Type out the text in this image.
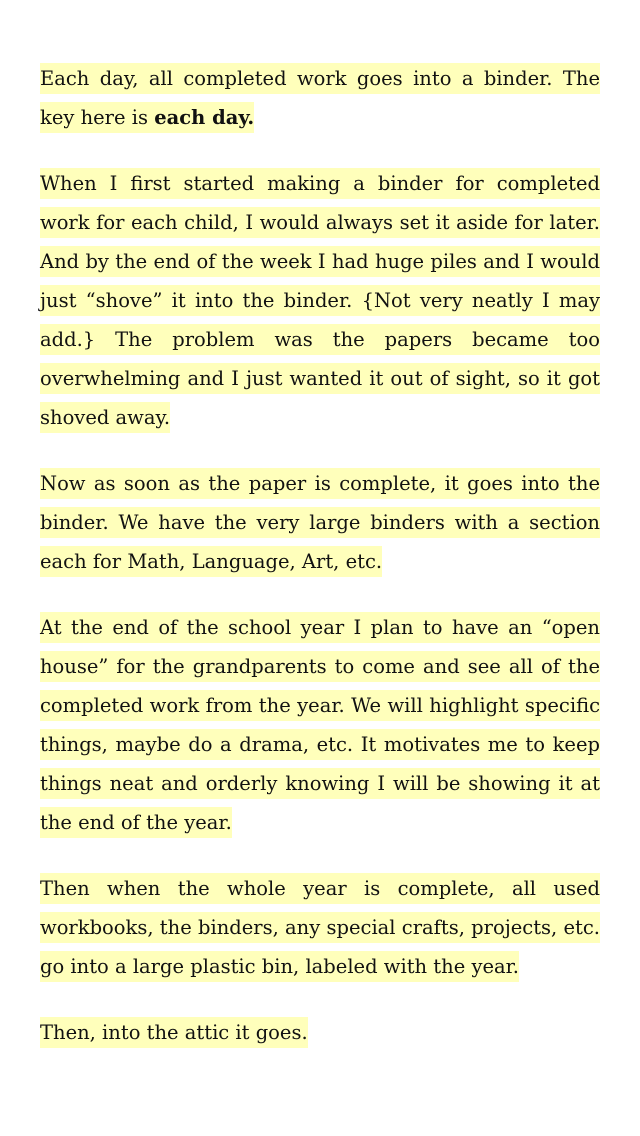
Each day, all completed work goes into a binder. The key here is each day.

When I first started making a binder for completed work for each child, I would always set it aside for later. And by the end of the week I had huge piles and I would just “shove” it into the binder. {Not very neatly I may add.} The problem was the papers became too overwhelming and I just wanted it out of sight, so it got shoved away.

Now as soon as the paper is complete, it goes into the binder. We have the very large binders with a section each for Math, Language, Art, etc.

At the end of the school year I plan to have an “open house” for the grandparents to come and see all of the completed work from the year. We will highlight specific things, maybe do a drama, etc. It motivates me to keep things neat and orderly knowing I will be showing it at the end of the year.

Then when the whole year is complete, all used workbooks, the binders, any special crafts, projects, etc. go into a large plastic bin, labeled with the year.

Then, into the attic it goes.
